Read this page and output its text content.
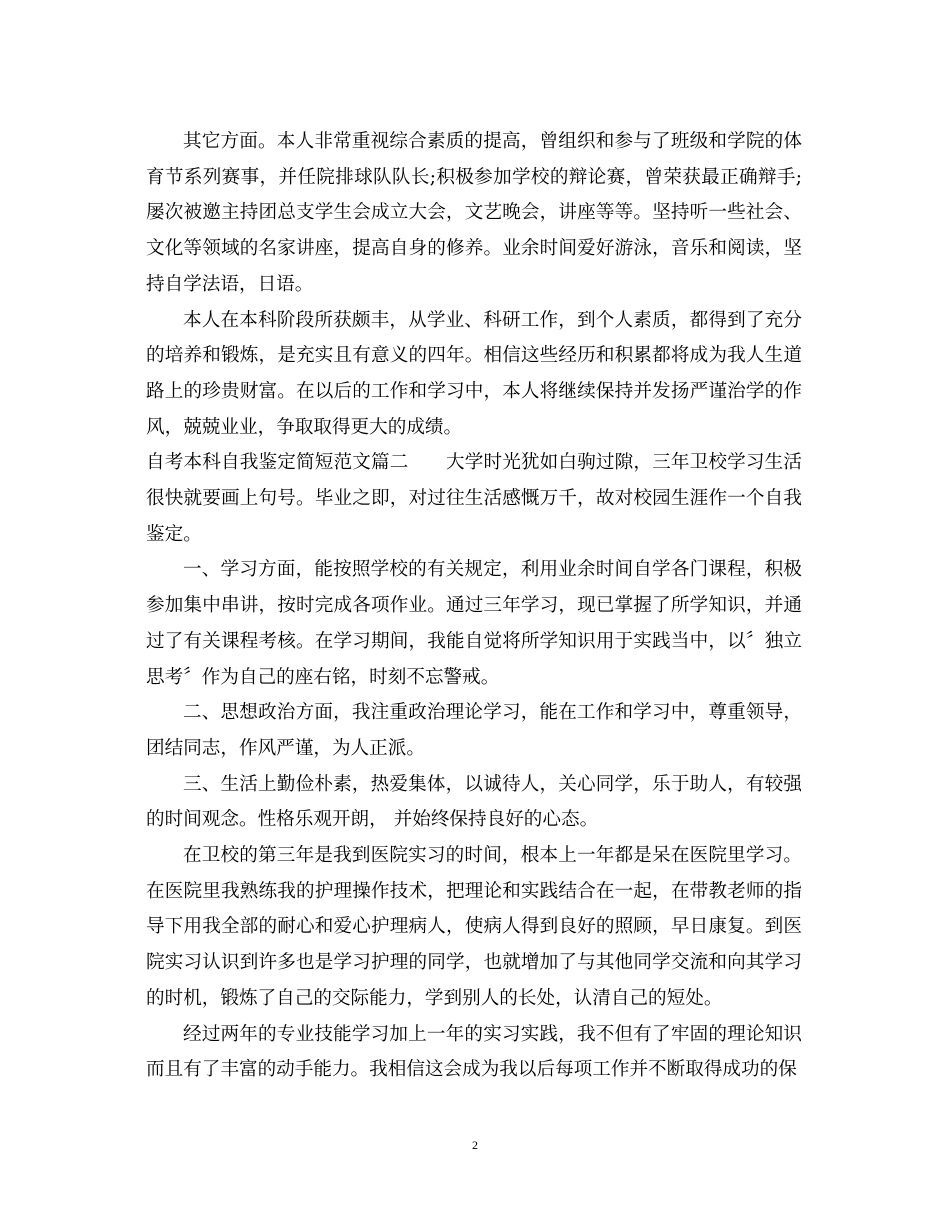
其它方面。本人非常重视综合素质的提高，曾组织和参与了班级和学院的体育节系列赛事，并任院排球队队长;积极参加学校的辩论赛，曾荣获最正确辩手;屡次被邀主持团总支学生会成立大会，文艺晚会，讲座等等。坚持听一些社会、文化等领域的名家讲座，提高自身的修养。业余时间爱好游泳，音乐和阅读，坚持自学法语，日语。

本人在本科阶段所获颇丰，从学业、科研工作，到个人素质，都得到了充分的培养和锻炼，是充实且有意义的四年。相信这些经历和积累都将成为我人生道路上的珍贵财富。在以后的工作和学习中，本人将继续保持并发扬严谨治学的作风，兢兢业业，争取取得更大的成绩。

自考本科自我鉴定简短范文篇二　　大学时光犹如白驹过隙，三年卫校学习生活很快就要画上句号。毕业之即，对过往生活感慨万千，故对校园生涯作一个自我鉴定。

一、学习方面，能按照学校的有关规定，利用业余时间自学各门课程，积极参加集中串讲，按时完成各项作业。通过三年学习，现已掌握了所学知识，并通过了有关课程考核。在学习期间，我能自觉将所学知识用于实践当中，以〞独立思考〞作为自己的座右铭，时刻不忘警戒。

二、思想政治方面，我注重政治理论学习，能在工作和学习中，尊重领导，团结同志，作风严谨，为人正派。

三、生活上勤俭朴素，热爱集体，以诚待人，关心同学，乐于助人，有较强的时间观念。性格乐观开朗， 并始终保持良好的心态。

在卫校的第三年是我到医院实习的时间，根本上一年都是呆在医院里学习。在医院里我熟练我的护理操作技术，把理论和实践结合在一起，在带教老师的指导下用我全部的耐心和爱心护理病人，使病人得到良好的照顾，早日康复。到医院实习认识到许多也是学习护理的同学，也就增加了与其他同学交流和向其学习的时机，锻炼了自己的交际能力，学到别人的长处，认清自己的短处。

经过两年的专业技能学习加上一年的实习实践，我不但有了牢固的理论知识而且有了丰富的动手能力。我相信这会成为我以后每项工作并不断取得成功的保

2
